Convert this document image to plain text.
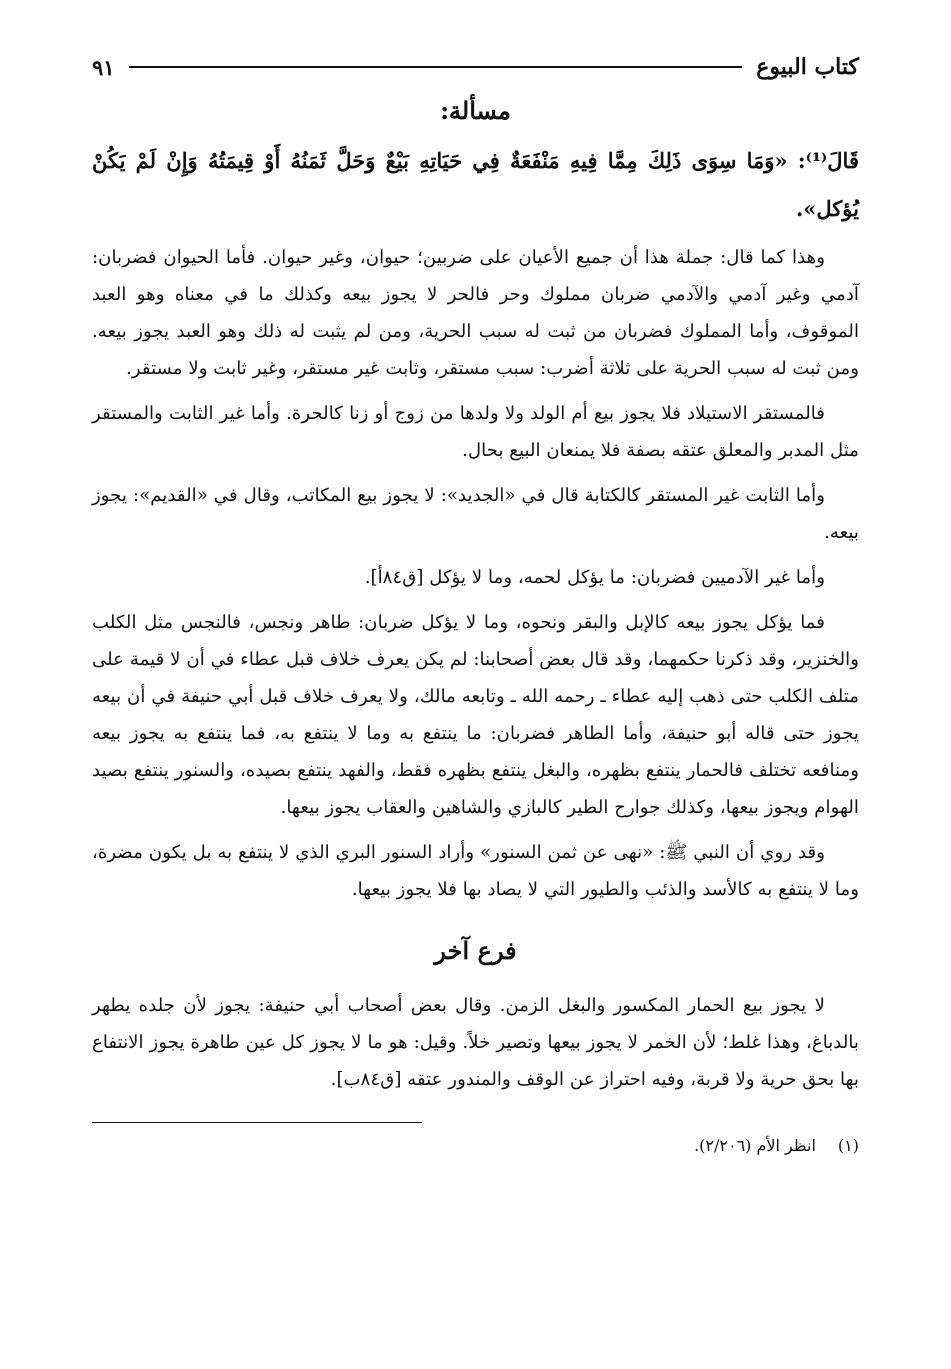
كتاب البيوع
٩١
مسألة:
قَالَ⁽¹⁾: «وَمَا سِوَى ذَلِكَ مِمَّا فِيهِ مَنْفَعَةٌ فِي حَيَاتِهِ بَيْعٌ وَحَلَّ ثَمَنُهُ أَوْ قِيمَتُهُ وَإِنْ لَمْ يَكُنْ يُؤكل».

وهذا كما قال: جملة هذا أن جميع الأعيان على ضربين؛ حيوان، وغير حيوان. فأما الحيوان فضربان: آدمي وغير آدمي والآدمي ضربان مملوك وحر فالحر لا يجوز بيعه وكذلك ما في معناه وهو العبد الموقوف، وأما المملوك فضربان من ثبت له سبب الحرية، ومن لم يثبت له ذلك وهو العبد يجوز بيعه. ومن ثبت له سبب الحرية على ثلاثة أضرب: سبب مستقر، وثابت غير مستقر، وغير ثابت ولا مستقر.

فالمستقر الاستيلاد فلا يجوز بيع أم الولد ولا ولدها من زوج أو زنا كالحرة. وأما غير الثابت والمستقر مثل المدبر والمعلق عتقه بصفة فلا يمنعان البيع بحال.

وأما الثابت غير المستقر كالكتابة قال في «الجديد»: لا يجوز بيع المكاتب، وقال في «القديم»: يجوز بيعه.

وأما غير الآدميين فضربان: ما يؤكل لحمه، وما لا يؤكل [ق٨٤أ].

فما يؤكل يجوز بيعه كالإبل والبقر ونحوه، وما لا يؤكل ضربان: طاهر ونجس، فالنجس مثل الكلب والخنزير، وقد ذكرنا حكمهما، وقد قال بعض أصحابنا: لم يكن يعرف خلاف قبل عطاء في أن لا قيمة على متلف الكلب حتى ذهب إليه عطاء ـ رحمه الله ـ وتابعه مالك، ولا يعرف خلاف قبل أبي حنيفة في أن بيعه يجوز حتى قاله أبو حنيفة، وأما الطاهر فضربان: ما ينتفع به وما لا ينتفع به، فما ينتفع به يجوز بيعه ومنافعه تختلف فالحمار ينتفع بظهره، والبغل ينتفع بظهره فقط، والفهد ينتفع بصيده، والسنور ينتفع بصيد الهوام ويجوز بيعها، وكذلك جوارح الطير كالبازي والشاهين والعقاب يجوز بيعها.

وقد روي أن النبي ﷺ: «نهى عن ثمن السنور» وأراد السنور البري الذي لا ينتفع به بل يكون مضرة، وما لا ينتفع به كالأسد والذئب والطيور التي لا يصاد بها فلا يجوز بيعها.

فرع آخر

لا يجوز بيع الحمار المكسور والبغل الزمن. وقال بعض أصحاب أبي حنيفة: يجوز لأن جلده يطهر بالدباغ، وهذا غلط؛ لأن الخمر لا يجوز بيعها وتصير خلاً. وقيل: هو ما لا يجوز كل عين طاهرة يجوز الانتفاع بها بحق حرية ولا قربة، وفيه احتراز عن الوقف والمندور عتقه [ق٨٤ب].

(١)
انظر الأم (٢/٢٠٦).
